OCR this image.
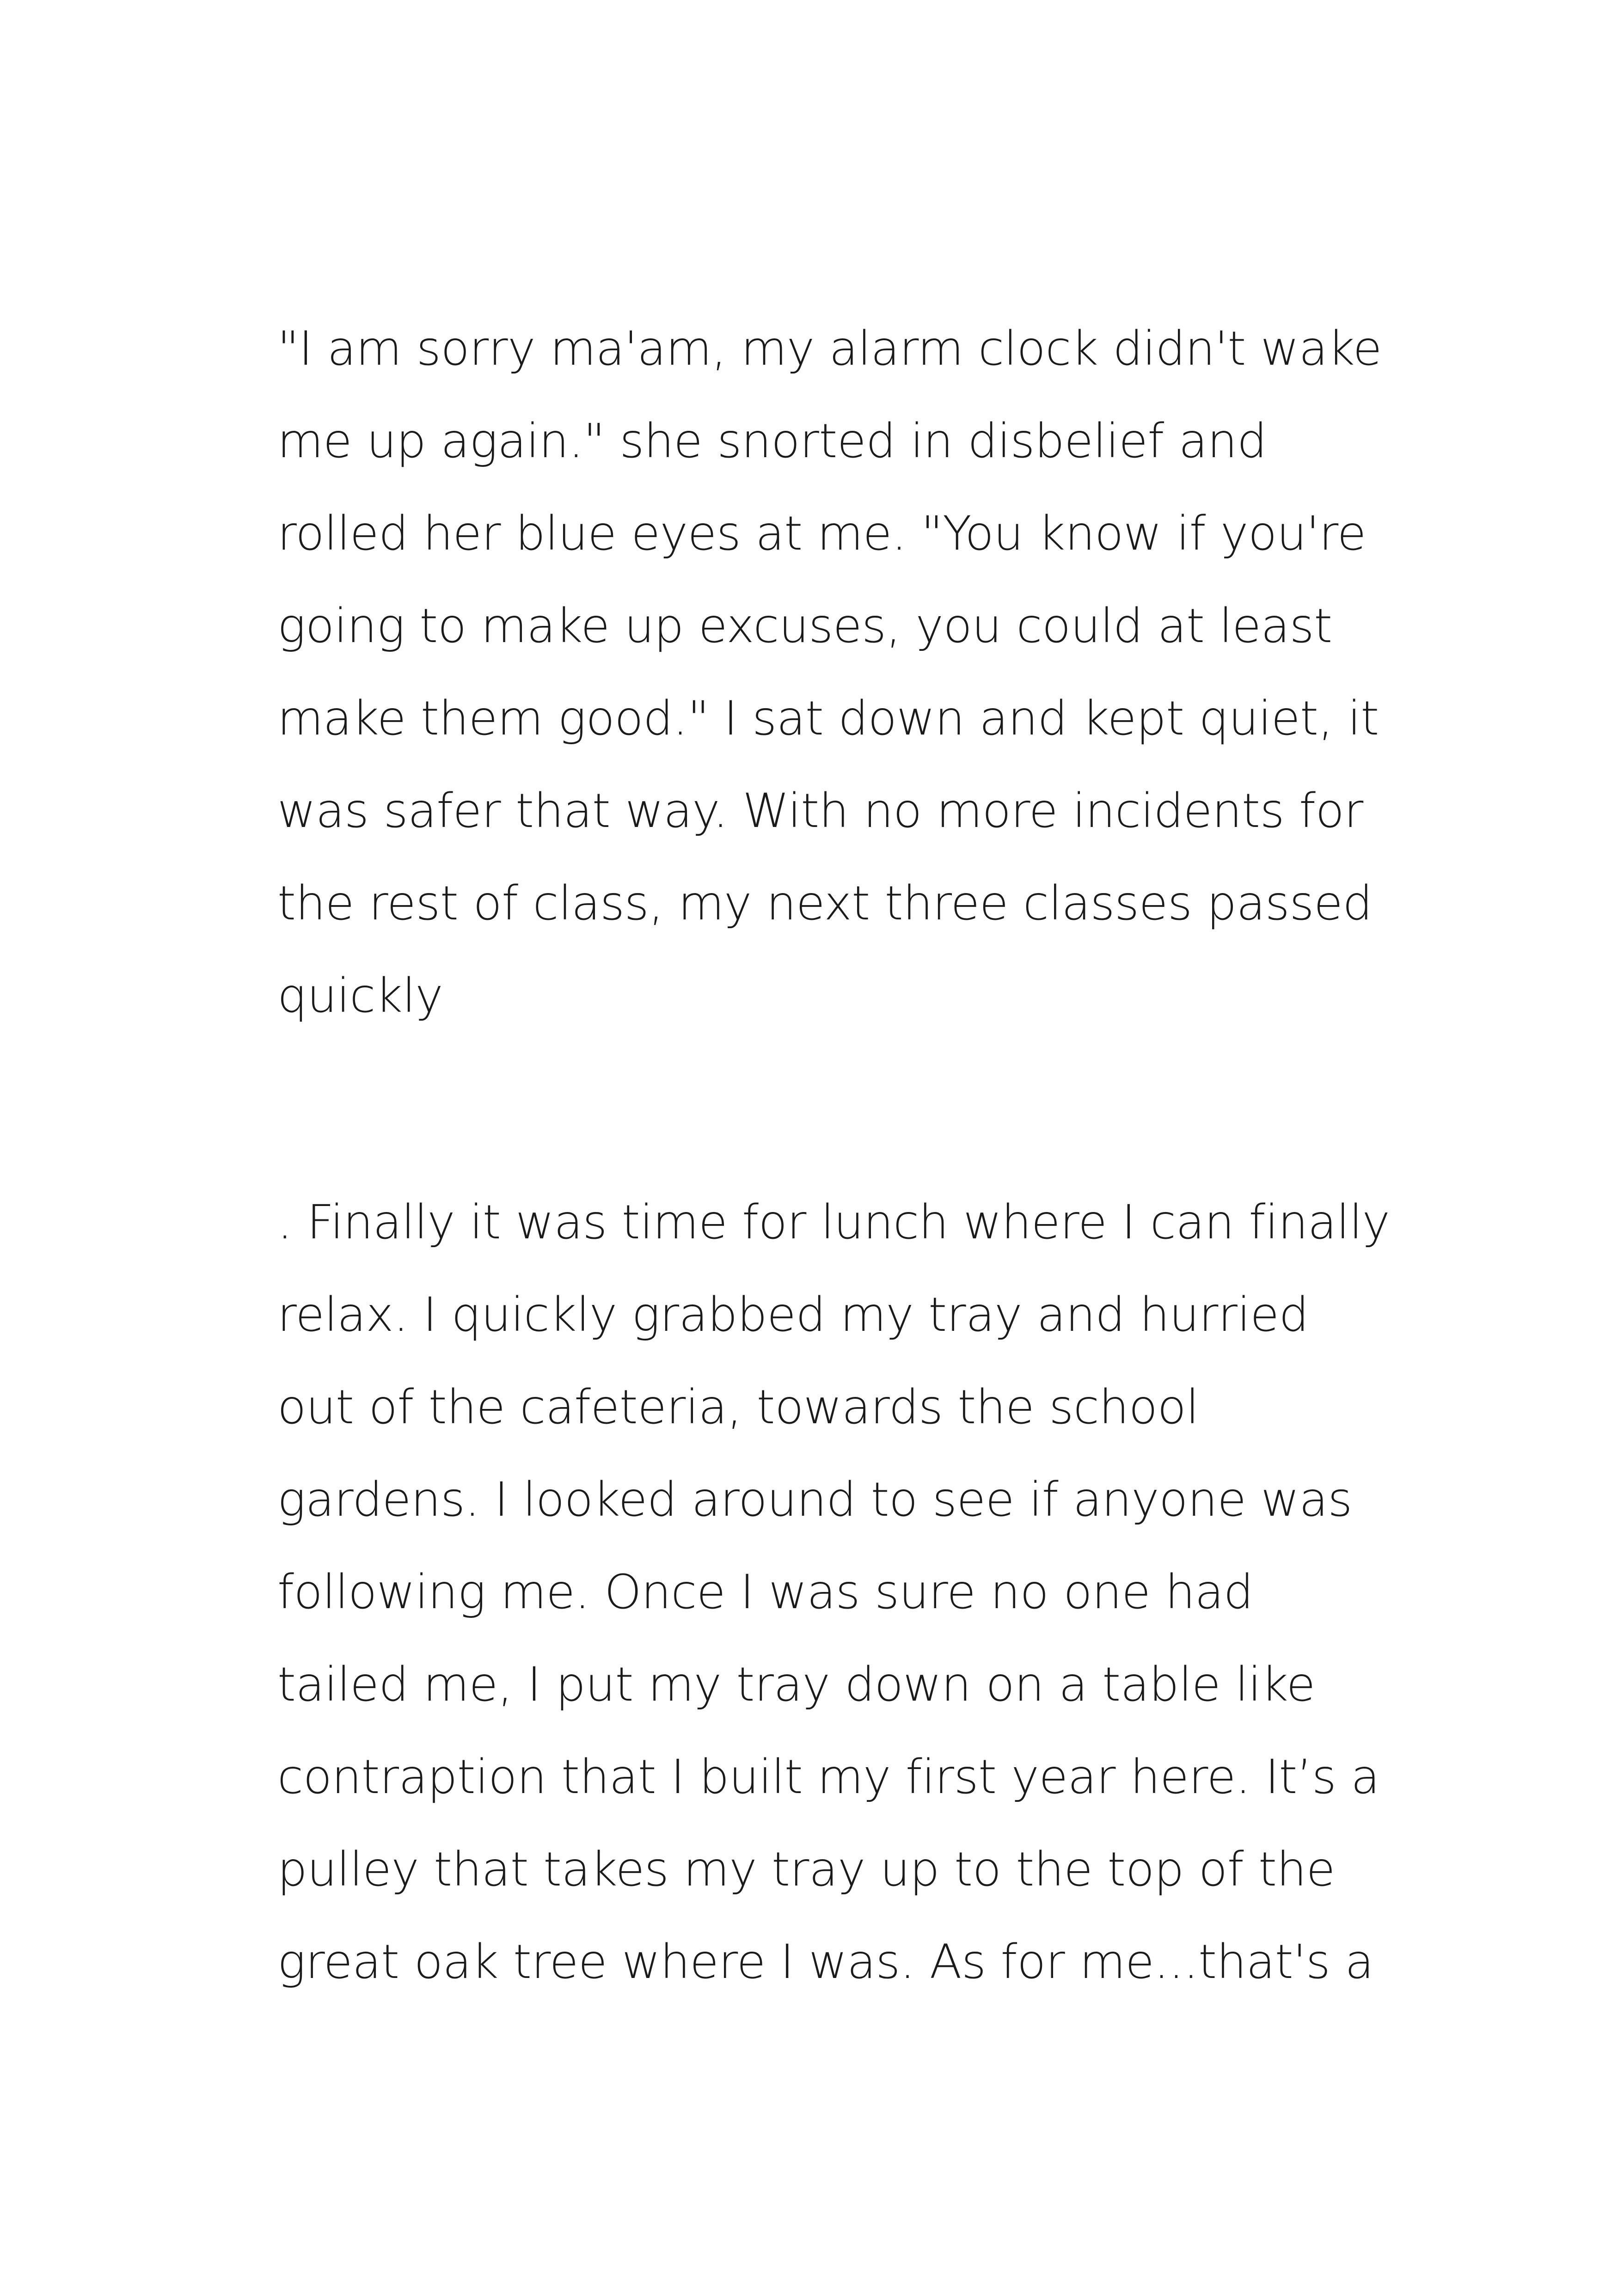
"I am sorry ma'am, my alarm clock didn't wake
me up again." she snorted in disbelief and
rolled her blue eyes at me. "You know if you're
going to make up excuses, you could at least
make them good." I sat down and kept quiet, it
was safer that way. With no more incidents for
the rest of class, my next three classes passed
quickly
. Finally it was time for lunch where I can finally
relax. I quickly grabbed my tray and hurried
out of the cafeteria, towards the school
gardens. I looked around to see if anyone was
following me. Once I was sure no one had
tailed me, I put my tray down on a table like
contraption that I built my first year here. It’s a
pulley that takes my tray up to the top of the
great oak tree where I was. As for me...that's a
